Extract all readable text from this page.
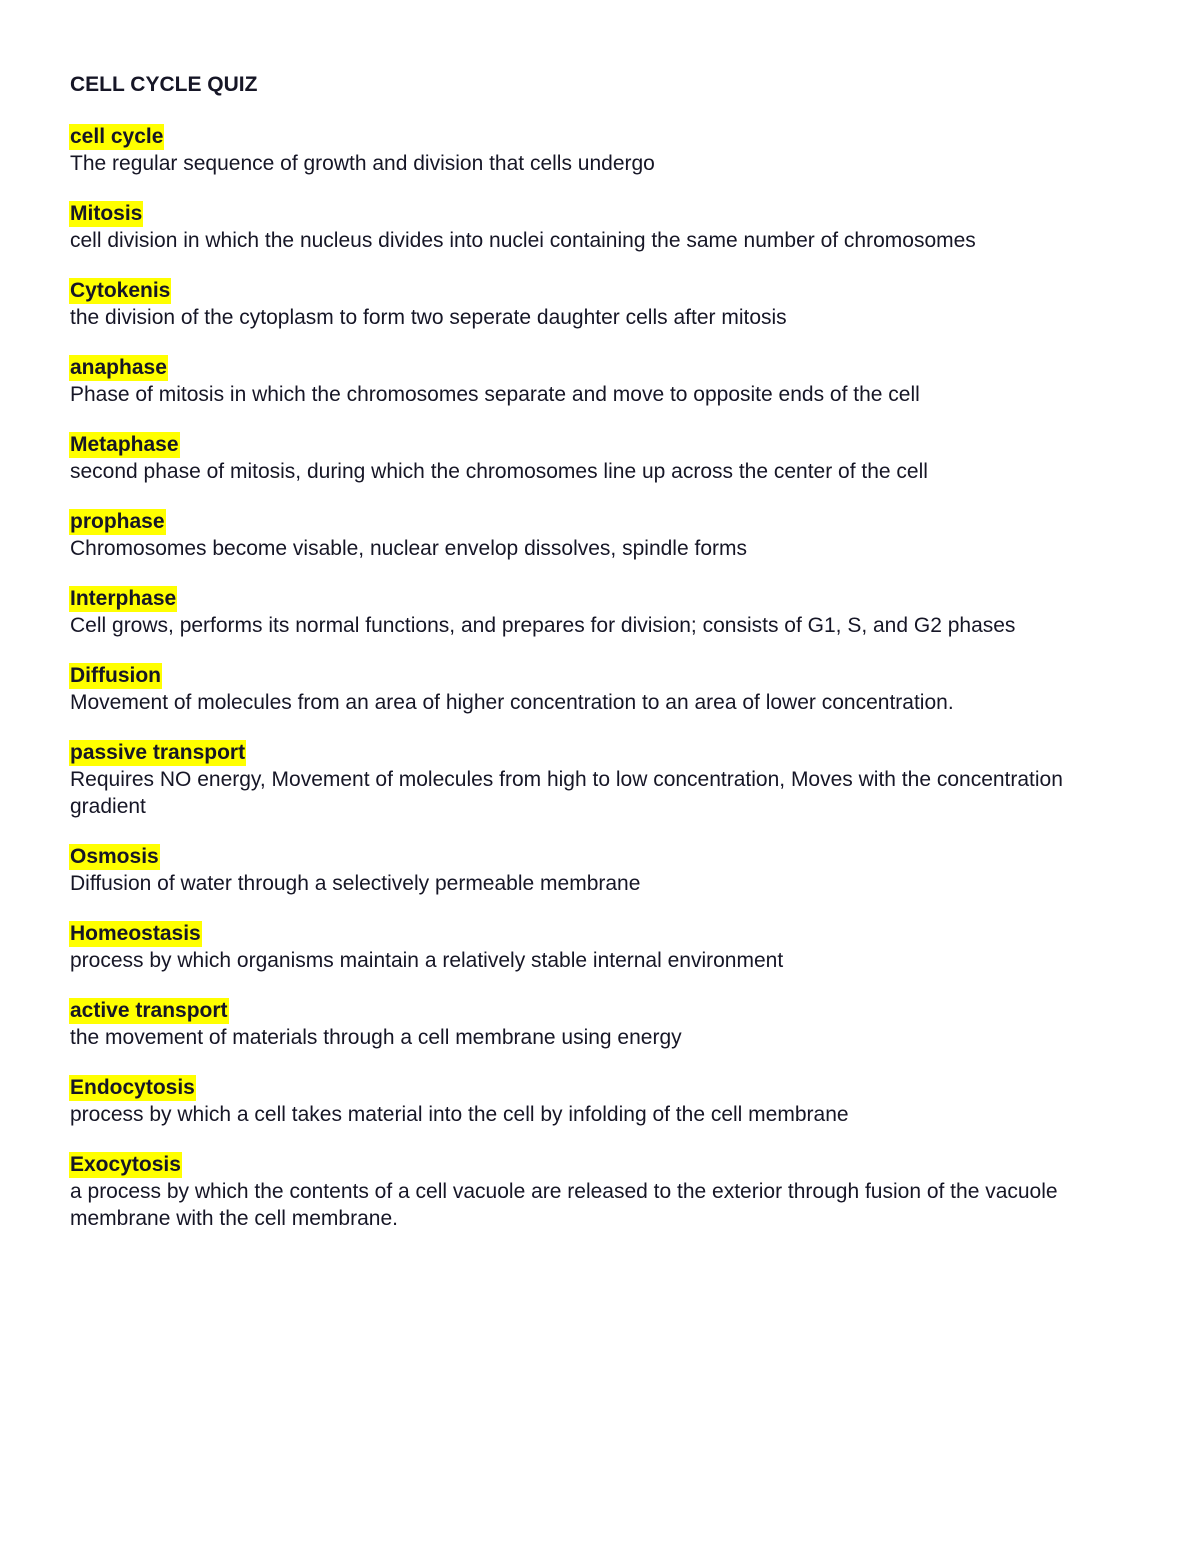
CELL CYCLE QUIZ
cell cycle

The regular sequence of growth and division that cells undergo

Mitosis

cell division in which the nucleus divides into nuclei containing the same number of chromosomes

Cytokenis

the division of the cytoplasm to form two seperate daughter cells after mitosis

anaphase

Phase of mitosis in which the chromosomes separate and move to opposite ends of the cell

Metaphase

second phase of mitosis, during which the chromosomes line up across the center of the cell

prophase

Chromosomes become visable, nuclear envelop dissolves, spindle forms

Interphase

Cell grows, performs its normal functions, and prepares for division; consists of G1, S, and G2 phases

Diffusion

Movement of molecules from an area of higher concentration to an area of lower concentration.

passive transport

Requires NO energy, Movement of molecules from high to low concentration, Moves with the concentration gradient

Osmosis

Diffusion of water through a selectively permeable membrane

Homeostasis

process by which organisms maintain a relatively stable internal environment

active transport

the movement of materials through a cell membrane using energy

Endocytosis

process by which a cell takes material into the cell by infolding of the cell membrane

Exocytosis

a process by which the contents of a cell vacuole are released to the exterior through fusion of the vacuole membrane with the cell membrane.
